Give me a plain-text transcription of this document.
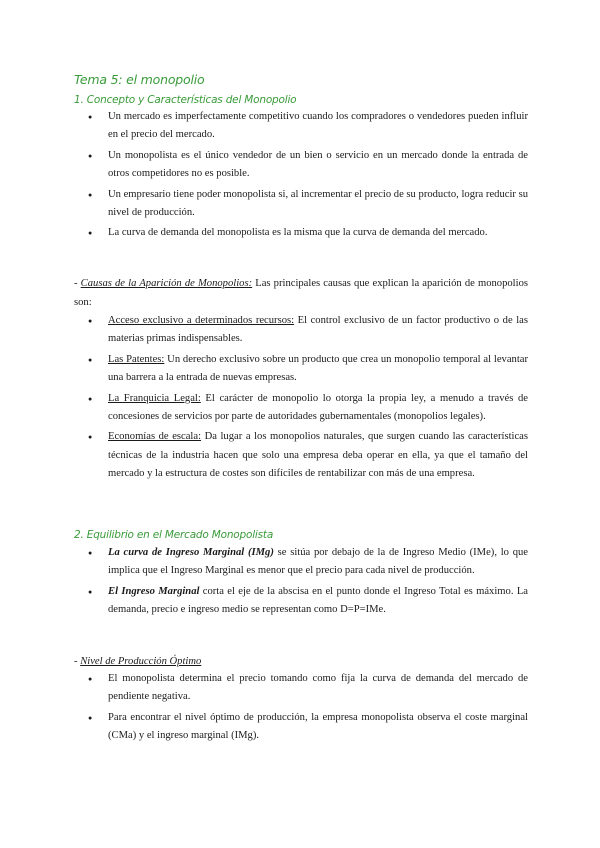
Tema 5: el monopolio
1. Concepto y Características del Monopolio
● Un mercado es imperfectamente competitivo cuando los compradores o vendedores pueden influir en el precio del mercado.
● Un monopolista es el único vendedor de un bien o servicio en un mercado donde la entrada de otros competidores no es posible.
● Un empresario tiene poder monopolista si, al incrementar el precio de su producto, logra reducir su nivel de producción.
● La curva de demanda del monopolista es la misma que la curva de demanda del mercado.

- Causas de la Aparición de Monopolios: Las principales causas que explican la aparición de monopolios son:

● Acceso exclusivo a determinados recursos: El control exclusivo de un factor productivo o de las materias primas indispensables.
● Las Patentes: Un derecho exclusivo sobre un producto que crea un monopolio temporal al levantar una barrera a la entrada de nuevas empresas.
● La Franquicia Legal: El carácter de monopolio lo otorga la propia ley, a menudo a través de concesiones de servicios por parte de autoridades gubernamentales (monopolios legales).
● Economías de escala: Da lugar a los monopolios naturales, que surgen cuando las características técnicas de la industria hacen que solo una empresa deba operar en ella, ya que el tamaño del mercado y la estructura de costes son difíciles de rentabilizar con más de una empresa.
2. Equilibrio en el Mercado Monopolista
● La curva de Ingreso Marginal (IMg) se sitúa por debajo de la de Ingreso Medio (IMe), lo que implica que el Ingreso Marginal es menor que el precio para cada nivel de producción.
● El Ingreso Marginal corta el eje de la abscisa en el punto donde el Ingreso Total es máximo. La demanda, precio e ingreso medio se representan como D=P=IMe.

- Nivel de Producción Óptimo

● El monopolista determina el precio tomando como fija la curva de demanda del mercado de pendiente negativa.
● Para encontrar el nivel óptimo de producción, la empresa monopolista observa el coste marginal (CMa) y el ingreso marginal (IMg).
